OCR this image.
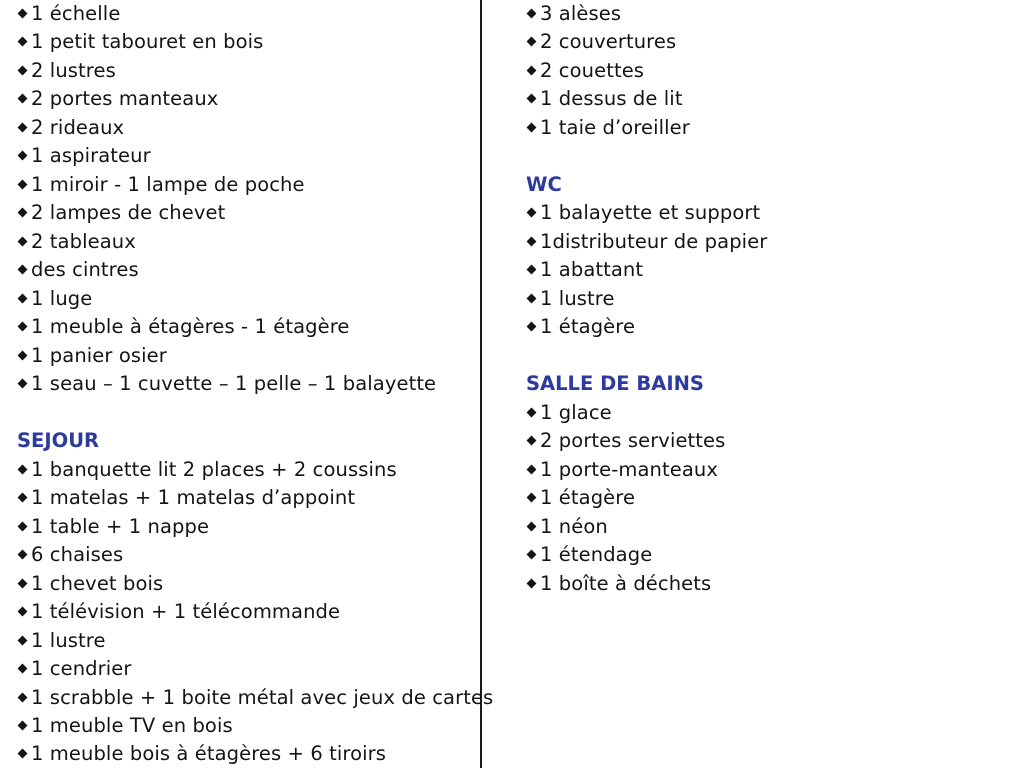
1 échelle
1 petit tabouret en bois
2 lustres
2 portes manteaux
2 rideaux
1 aspirateur
1 miroir - 1 lampe de poche
2 lampes de chevet
2 tableaux
des cintres
1 luge
1 meuble à étagères - 1 étagère
1 panier osier
1 seau – 1 cuvette – 1 pelle – 1 balayette
SEJOUR
1 banquette lit 2 places + 2 coussins
1 matelas + 1 matelas d’appoint
1 table + 1 nappe
6 chaises
1 chevet bois
1 télévision + 1 télécommande
1 lustre
1 cendrier
1 scrabble + 1 boite métal avec jeux de cartes
1 meuble TV en bois
1 meuble bois à étagères + 6 tiroirs
3 alèses
2 couvertures
2 couettes
1 dessus de lit
1 taie d’oreiller
WC
1 balayette et support
1distributeur de papier
1 abattant
1 lustre
1 étagère
SALLE DE BAINS
1 glace
2 portes serviettes
1 porte-manteaux
1 étagère
1 néon
1 étendage
1 boîte à déchets
